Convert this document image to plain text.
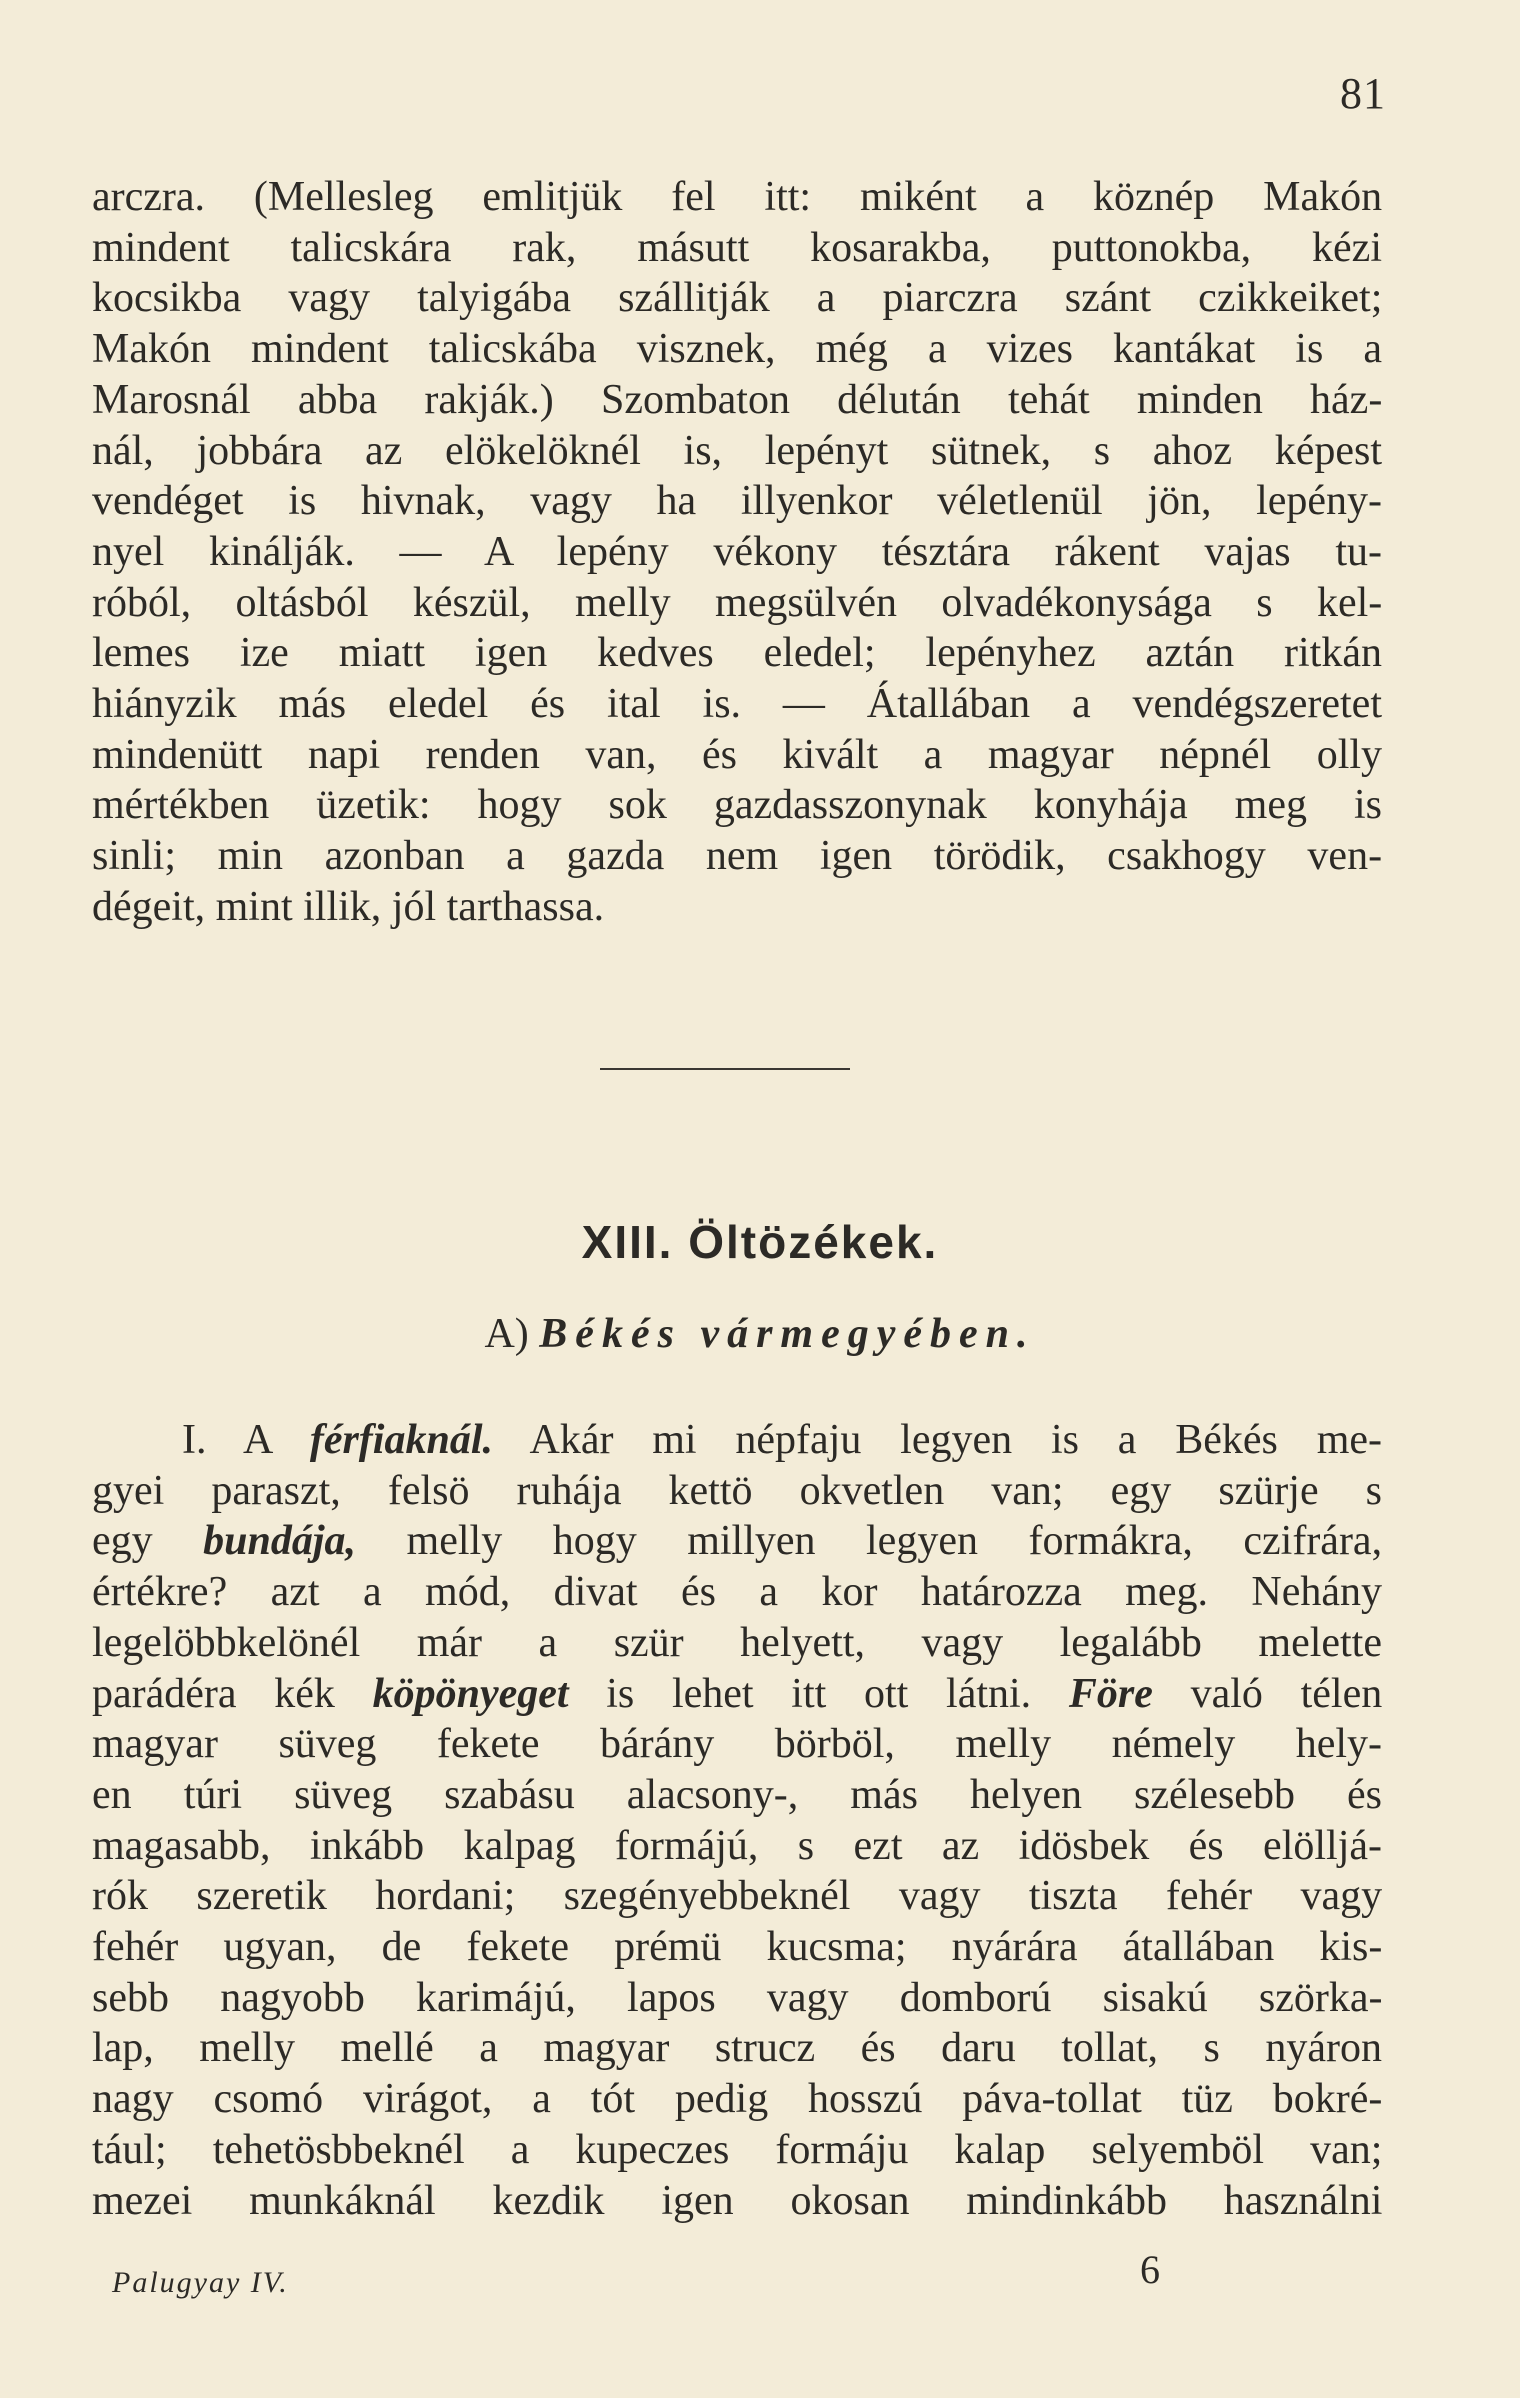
81
arczra. (Mellesleg emlitjük fel itt: miként a köznép Makón
mindent talicskára rak, másutt kosarakba, puttonokba, kézi
kocsikba vagy talyigába szállitják a piarczra szánt czikkeiket;
Makón mindent talicskába visznek, még a vizes kantákat is a
Marosnál abba rakják.) Szombaton délután tehát minden ház-
nál, jobbára az elökelöknél is, lepényt sütnek, s ahoz képest
vendéget is hivnak, vagy ha illyenkor véletlenül jön, lepény-
nyel kinálják. — A lepény vékony tésztára rákent vajas tu-
róból, oltásból készül, melly megsülvén olvadékonysága s kel-
lemes ize miatt igen kedves eledel; lepényhez aztán ritkán
hiányzik más eledel és ital is. — Átallában a vendégszeretet
mindenütt napi renden van, és kivált a magyar népnél olly
mértékben üzetik: hogy sok gazdasszonynak konyhája meg is
sinli; min azonban a gazda nem igen törödik, csakhogy ven-
dégeit, mint illik, jól tarthassa.
XIII. Öltözékek.
A) Békés vármegyében.
I. A férfiaknál. Akár mi népfaju legyen is a Békés me-
gyei paraszt, felsö ruhája kettö okvetlen van; egy szürje s
egy bundája, melly hogy millyen legyen formákra, czifrára,
értékre? azt a mód, divat és a kor határozza meg. Nehány
legelöbbkelönél már a szür helyett, vagy legalább melette
parádéra kék köpönyeget is lehet itt ott látni. Före való télen
magyar süveg fekete bárány börböl, melly némely hely-
en túri süveg szabásu alacsony-, más helyen szélesebb és
magasabb, inkább kalpag formájú, s ezt az idösbek és elölljá-
rók szeretik hordani; szegényebbeknél vagy tiszta fehér vagy
fehér ugyan, de fekete prémü kucsma; nyárára átallában kis-
sebb nagyobb karimájú, lapos vagy domború sisakú szörka-
lap, melly mellé a magyar strucz és daru tollat, s nyáron
nagy csomó virágot, a tót pedig hosszú páva-tollat tüz bokré-
tául; tehetösbbeknél a kupeczes formáju kalap selyemböl van;
mezei munkáknál kezdik igen okosan mindinkább használni
Palugyay IV.	6
